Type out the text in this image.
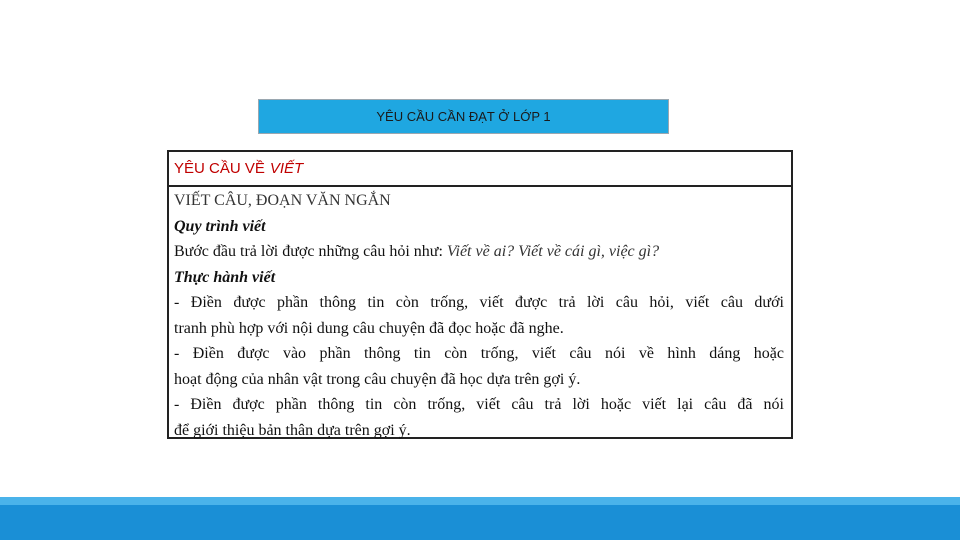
YÊU CẦU CẦN ĐẠT Ở LỚP 1
YÊU CẦU VỀ VIẾT

VIẾT CÂU, ĐOẠN VĂN NGẮN

Quy trình viết

Bước đầu trả lời được những câu hỏi như: Viết về ai? Viết về cái gì, việc gì?

Thực hành viết

- Điền được phần thông tin còn trống, viết được trả lời câu hỏi, viết câu dưới

tranh phù hợp với nội dung câu chuyện đã đọc hoặc đã nghe.

- Điền được vào phần thông tin còn trống, viết câu nói về hình dáng hoặc

hoạt động của nhân vật trong câu chuyện đã học dựa trên gợi ý.

- Điền được phần thông tin còn trống, viết câu trả lời hoặc viết lại câu đã nói

để giới thiệu bản thân dựa trên gợi ý.
